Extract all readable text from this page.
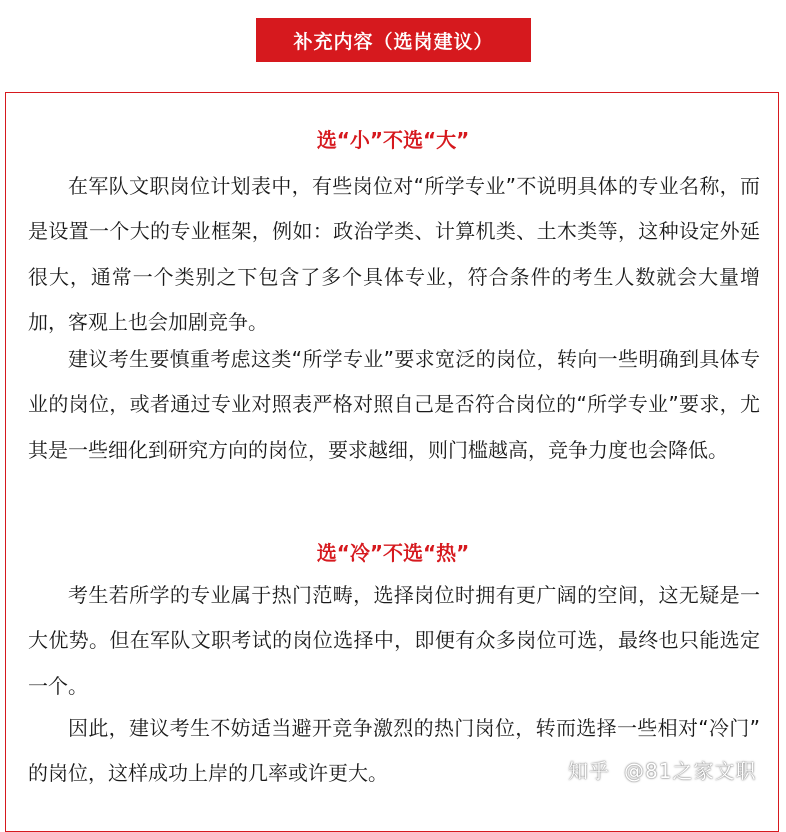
补充内容（选岗建议）
选“小”不选“大”

在军队文职岗位计划表中，有些岗位对“所学专业”不说明具体的专业名称，而是设置一个大的专业框架，例如：政治学类、计算机类、土木类等，这种设定外延很大，通常一个类别之下包含了多个具体专业，符合条件的考生人数就会大量增加，客观上也会加剧竞争。

建议考生要慎重考虑这类“所学专业”要求宽泛的岗位，转向一些明确到具体专业的岗位，或者通过专业对照表严格对照自己是否符合岗位的“所学专业”要求，尤其是一些细化到研究方向的岗位，要求越细，则门槛越高，竞争力度也会降低。

选“冷”不选“热”

考生若所学的专业属于热门范畴，选择岗位时拥有更广阔的空间，这无疑是一大优势。但在军队文职考试的岗位选择中，即便有众多岗位可选，最终也只能选定一个。

因此，建议考生不妨适当避开竞争激烈的热门岗位，转而选择一些相对“冷门” 的岗位，这样成功上岸的几率或许更大。	知乎 @81之家文职
